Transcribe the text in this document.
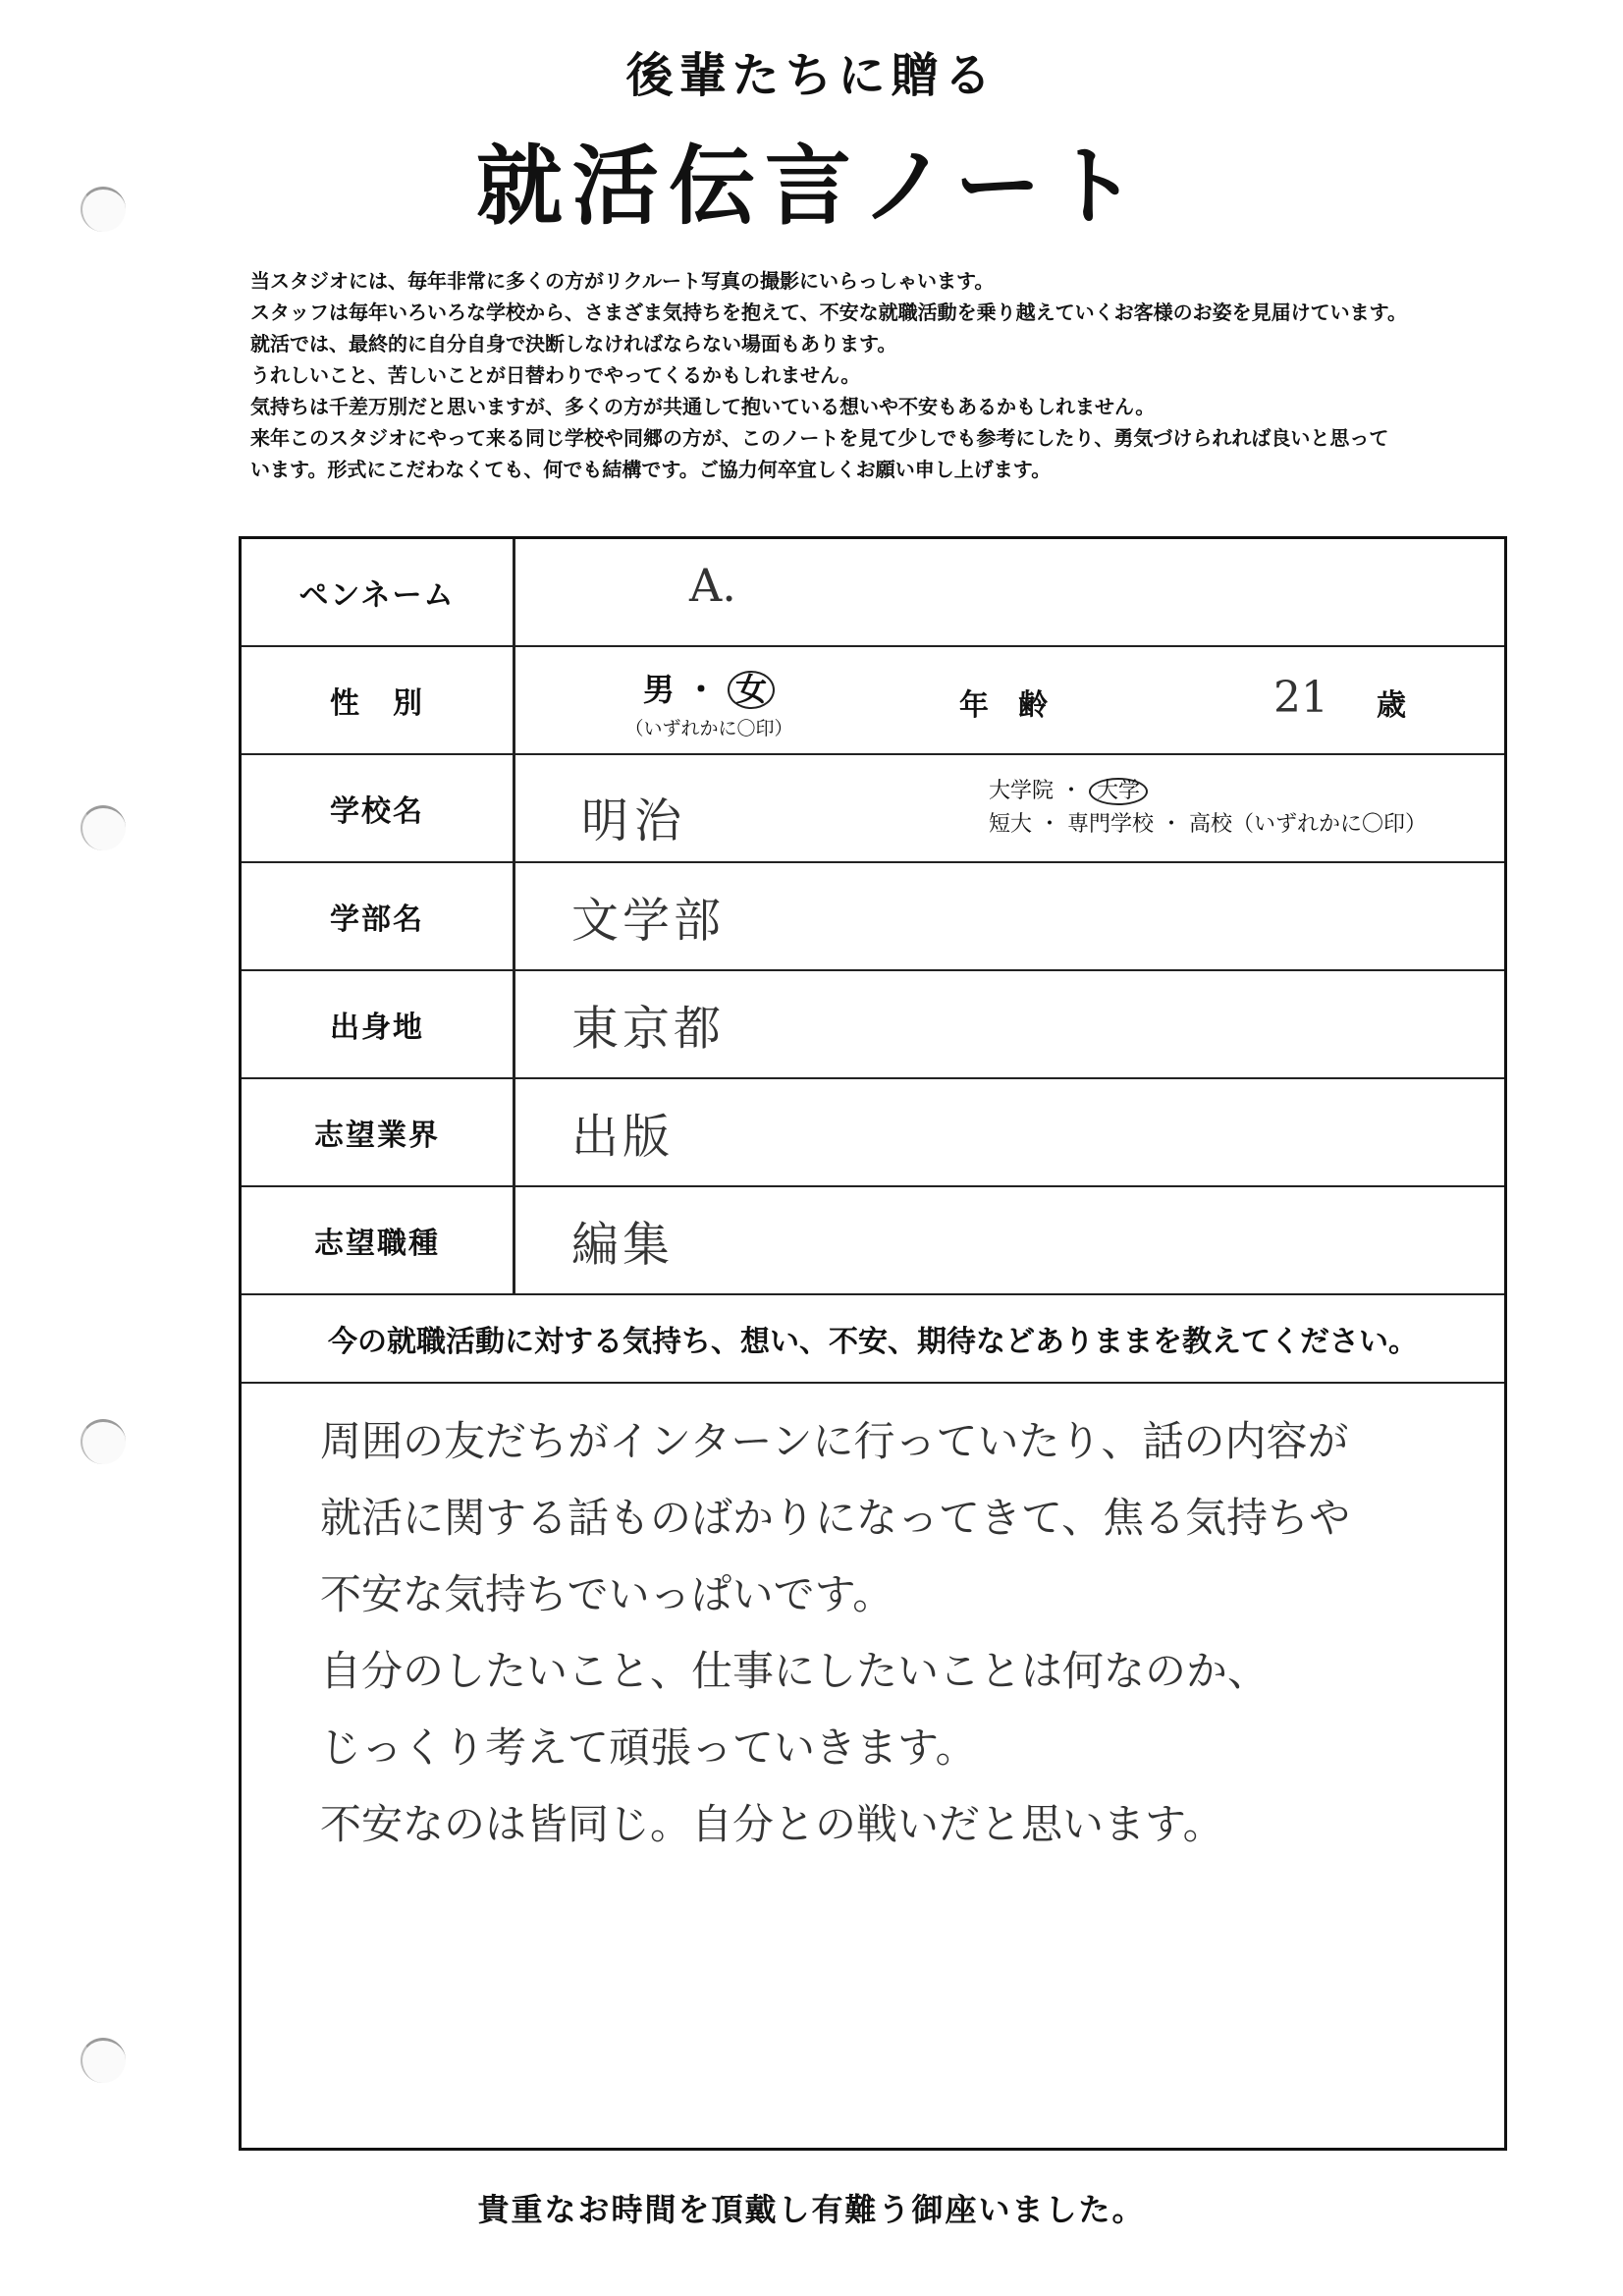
後輩たちに贈る
就活伝言ノート
当スタジオには、毎年非常に多くの方がリクルート写真の撮影にいらっしゃいます。
スタッフは毎年いろいろな学校から、さまざま気持ちを抱えて、不安な就職活動を乗り越えていくお客様のお姿を見届けています。
就活では、最終的に自分自身で決断しなければならない場面もあります。
うれしいこと、苦しいことが日替わりでやってくるかもしれません。
気持ちは千差万別だと思いますが、多くの方が共通して抱いている想いや不安もあるかもしれません。
来年このスタジオにやって来る同じ学校や同郷の方が、このノートを見て少しでも参考にしたり、勇気づけられれば良いと思って
います。形式にこだわなくても、何でも結構です。ご協力何卒宜しくお願い申し上げます。
ペンネーム	A.
性　別	男 ・ 女
（いずれかに〇印）
年　齢	21 歳
学校名	明治
大学院 ・ 大学
短大 ・ 専門学校 ・ 高校（いずれかに〇印）
学部名	文学部
出身地	東京都
志望業界	出版
志望職種	編集
今の就職活動に対する気持ち、想い、不安、期待などありままを教えてください。
周囲の友だちがインターンに行っていたり、話の内容が
就活に関する話ものばかりになってきて、焦る気持ちや
不安な気持ちでいっぱいです。
自分のしたいこと、仕事にしたいことは何なのか、
じっくり考えて頑張っていきます。
不安なのは皆同じ。自分との戦いだと思います。
貴重なお時間を頂戴し有難う御座いました。
